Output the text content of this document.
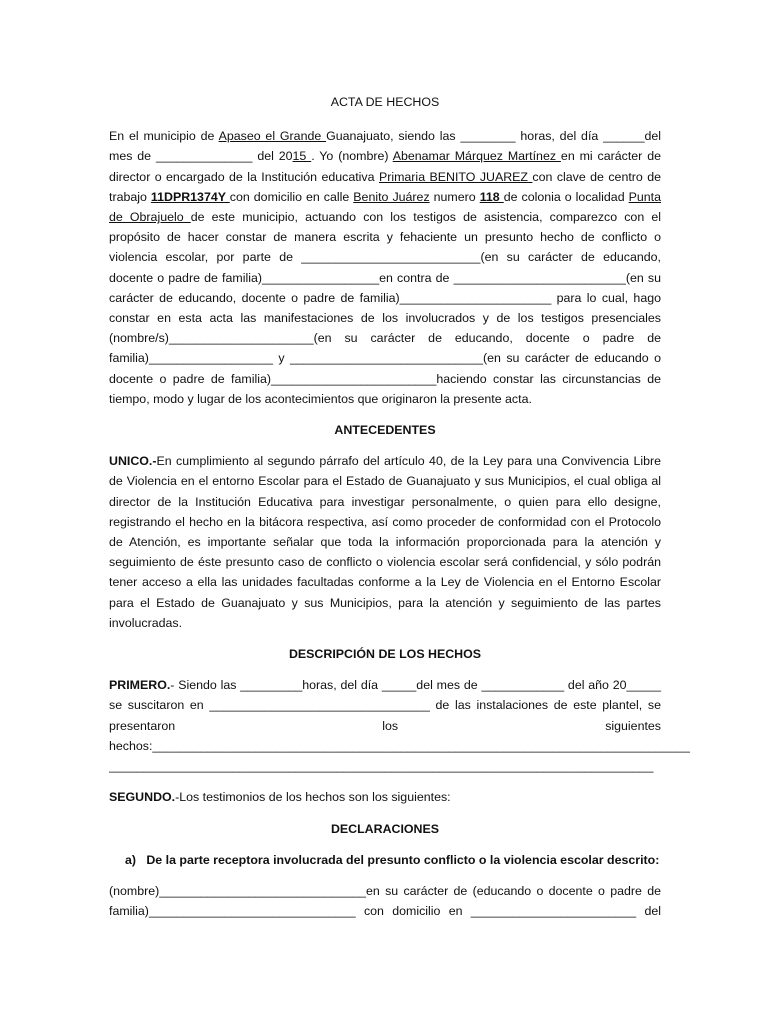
ACTA DE HECHOS

En el municipio de Apaseo el Grande Guanajuato, siendo las ________ horas, del día ______del mes de ______________ del 2015 . Yo (nombre) Abenamar Márquez Martínez en mi carácter de director o encargado de la Institución educativa Primaria BENITO JUAREZ con clave de centro de trabajo 11DPR1374Y con domicilio en calle Benito Juárez numero 118 de colonia o localidad Punta de Obrajuelo de este municipio, actuando con los testigos de asistencia, comparezco con el propósito de hacer constar de manera escrita y fehaciente un presunto hecho de conflicto o violencia escolar, por parte de __________________________(en su carácter de educando, docente o padre de familia)_________________en contra de _________________________(en su carácter de educando, docente o padre de familia)______________________ para lo cual, hago constar en esta acta las manifestaciones de los involucrados y de los testigos presenciales (nombre/s)_____________________(en su carácter de educando, docente o padre de familia)__________________ y ____________________________(en su carácter de educando o docente o padre de familia)________________________haciendo constar las circunstancias de tiempo, modo y lugar de los acontecimientos que originaron la presente acta.

ANTECEDENTES

UNICO.-En cumplimiento al segundo párrafo del artículo 40, de la Ley para una Convivencia Libre de Violencia en el entorno Escolar para el Estado de Guanajuato y sus Municipios, el cual obliga al director de la Institución Educativa para investigar personalmente, o quien para ello designe, registrando el hecho en la bitácora respectiva, así como proceder de conformidad con el Protocolo de Atención, es importante señalar que toda la información proporcionada para la atención y seguimiento de éste presunto caso de conflicto o violencia escolar será confidencial, y sólo podrán tener acceso a ella las unidades facultadas conforme a la Ley de Violencia en el Entorno Escolar para el Estado de Guanajuato y sus Municipios, para la atención y seguimiento de las partes involucradas.

DESCRIPCIÓN DE LOS HECHOS

PRIMERO.- Siendo las _________horas, del día _____del mes de ____________ del año 20_____ se suscitaron en ________________________________ de las instalaciones de este plantel, se presentaron los siguientes hechos:______________________________________________________________________________

_______________________________________________________________________________

SEGUNDO.-Los testimonios de los hechos son los siguientes:

DECLARACIONES
a) De la parte receptora involucrada del presunto conflicto o la violencia escolar descrito:

(nombre)______________________________en su carácter de (educando o docente o padre de familia)______________________________ con domicilio en ________________________ del
